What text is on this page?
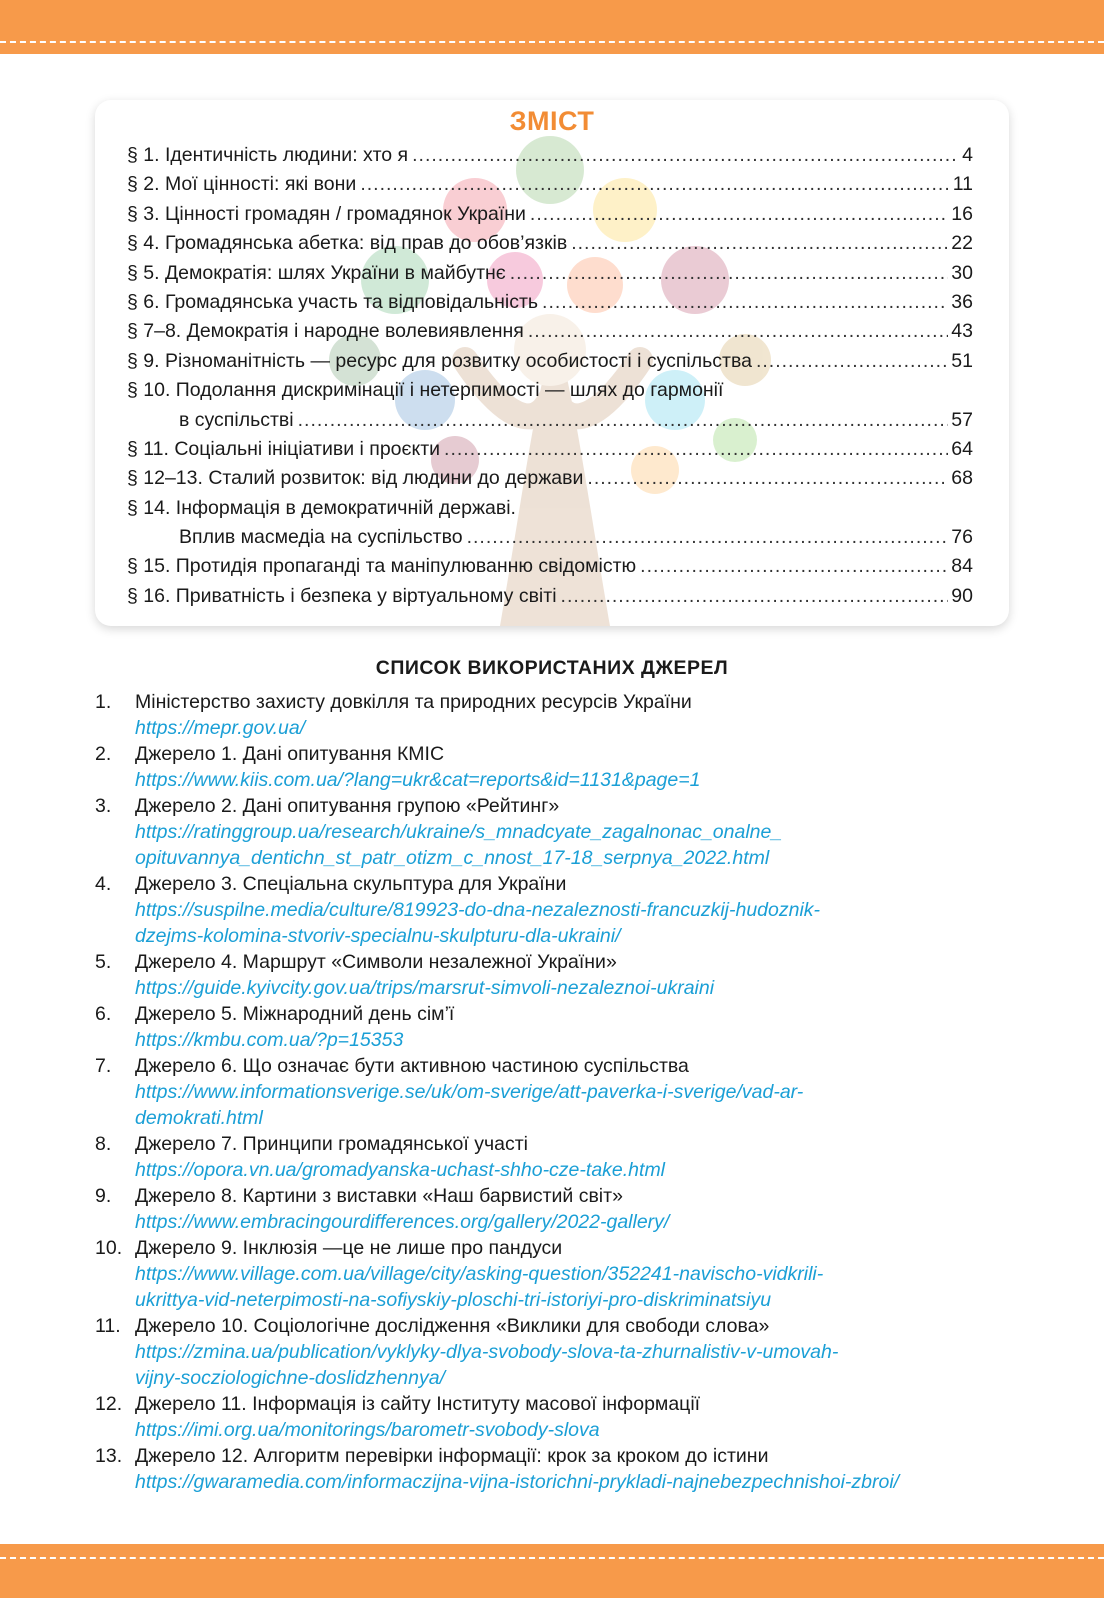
ЗМІСТ
§ 1. Ідентичність людини: хто я .....	4
§ 2. Мої цінності: які вони .....	11
§ 3. Цінності громадян / громадянок України .....	16
§ 4. Громадянська абетка: від прав до обов’язків .....	22
§ 5. Демократія: шлях України в майбутнє .....	30
§ 6. Громадянська участь та відповідальність .....	36
§ 7–8. Демократія і народне волевиявлення .....	43
§ 9. Різноманітність — ресурс для розвитку особистості і суспільства .....	51
§ 10. Подолання дискримінації і нетерпимості — шлях до гармонії
в суспільстві .....	57
§ 11. Соціальні ініціативи і проєкти .....	64
§ 12–13. Сталий розвиток: від людини до держави .....	68
§ 14. Інформація в демократичній державі.
Вплив масмедіа на суспільство .....	76
§ 15. Протидія пропаганді та маніпулюванню свідомістю .....	84
§ 16. Приватність і безпека у віртуальному світі .....	90
СПИСОК ВИКОРИСТАНИХ ДЖЕРЕЛ
1. Міністерство захисту довкілля та природних ресурсів України
https://mepr.gov.ua/
2. Джерело 1. Дані опитування КМІС
https://www.kiis.com.ua/?lang=ukr&cat=reports&id=1131&page=1
3. Джерело 2. Дані опитування групою «Рейтинг»
https://ratinggroup.ua/research/ukraine/s_mnadcyate_zagalnonac_onalne_
opituvannya_dentichn_st_patr_otizm_c_nnost_17-18_serpnya_2022.html
4. Джерело 3. Спеціальна скульптура для України
https://suspilne.media/culture/819923-do-dna-nezaleznosti-francuzkij-hudoznik-
dzejms-kolomina-stvoriv-specialnu-skulpturu-dla-ukraini/
5. Джерело 4. Маршрут «Символи незалежної України»
https://guide.kyivcity.gov.ua/trips/marsrut-simvoli-nezaleznoi-ukraini
6. Джерело 5. Міжнародний день сім’ї
https://kmbu.com.ua/?p=15353
7. Джерело 6. Що означає бути активною частиною суспільства
https://www.informationsverige.se/uk/om-sverige/att-paverka-i-sverige/vad-ar-
demokrati.html
8. Джерело 7. Принципи громадянської участі
https://opora.vn.ua/gromadyanska-uchast-shho-cze-take.html
9. Джерело 8. Картини з виставки «Наш барвистий світ»
https://www.embracingourdifferences.org/gallery/2022-gallery/
10. Джерело 9. Інклюзія —це не лише про пандуси
https://www.village.com.ua/village/city/asking-question/352241-navischo-vidkrili-
ukrittya-vid-neterpimosti-na-sofiyskiy-ploschi-tri-istoriyi-pro-diskriminatsiyu
11. Джерело 10. Соціологічне дослідження «Виклики для свободи слова»
https://zmina.ua/publication/vyklyky-dlya-svobody-slova-ta-zhurnalistiv-v-umovah-
vijny-socziologichne-doslidzhennya/
12. Джерело 11. Інформація із сайту Інституту масової інформації
https://imi.org.ua/monitorings/barometr-svobody-slova
13. Джерело 12. Алгоритм перевірки інформації: крок за кроком до істини
https://gwaramedia.com/informaczijna-vijna-istorichni-prykladi-najnebezpechnishoi-zbroi/
